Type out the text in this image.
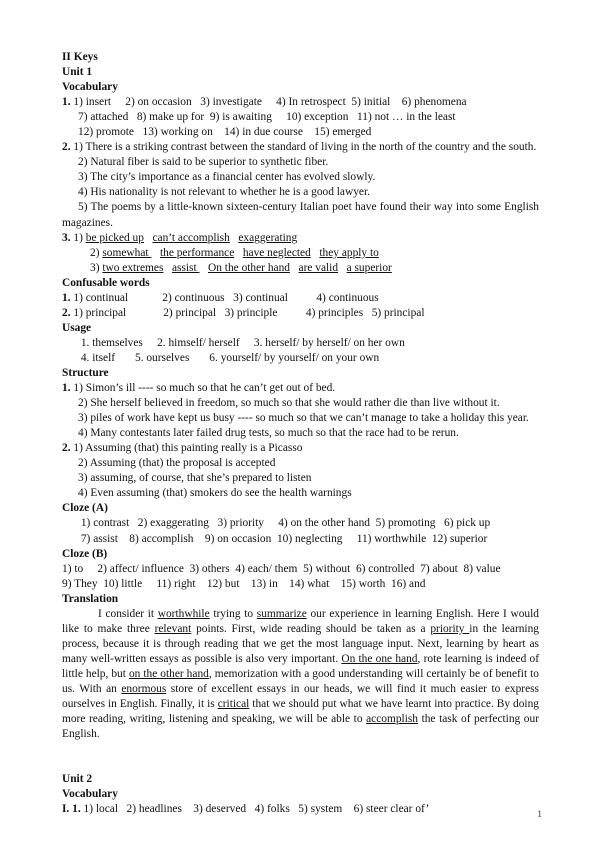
II Keys
Unit 1
Vocabulary
1. 1) insert     2) on occasion   3) investigate     4) In retrospect  5) initial    6) phenomena
7) attached   8) make up for  9) is awaiting     10) exception   11) not … in the least
12) promote   13) working on    14) in due course    15) emerged
2. 1) There is a striking contrast between the standard of living in the north of the country and the south.
2) Natural fiber is said to be superior to synthetic fiber.
3) The city’s importance as a financial center has evolved slowly.
4) His nationality is not relevant to whether he is a good lawyer.
5) The poems by a little-known sixteen-century Italian poet have found their way into some English magazines.
3. 1) be picked up can’t accomplish exaggerating
2) somewhat    the performance have neglected they apply to
3) two extremes assist    On the other hand are valid a superior
Confusable words
1. 1) continual            2) continuous   3) continual          4) continuous
2. 1) principal             2) principal   3) principle          4) principles   5) principal
Usage
1. themselves     2. himself/ herself     3. herself/ by herself/ on her own
4. itself       5. ourselves       6. yourself/ by yourself/ on your own
Structure
1. 1) Simon’s ill ---- so much so that he can’t get out of bed.
2) She herself believed in freedom, so much so that she would rather die than live without it.
3) piles of work have kept us busy ---- so much so that we can’t manage to take a holiday this year.
4) Many contestants later failed drug tests, so much so that the race had to be rerun.
2. 1) Assuming (that) this painting really is a Picasso
2) Assuming (that) the proposal is accepted
3) assuming, of course, that she’s prepared to listen
4) Even assuming (that) smokers do see the health warnings
Cloze (A)
1) contrast   2) exaggerating   3) priority     4) on the other hand  5) promoting   6) pick up
7) assist    8) accomplish    9) on occasion  10) neglecting     11) worthwhile  12) superior
Cloze (B)
1) to     2) affect/ influence  3) others  4) each/ them  5) without  6) controlled  7) about  8) value
9) They  10) little     11) right    12) but    13) in    14) what    15) worth  16) and
Translation
I consider it worthwhile trying to summarize our experience in learning English. Here I would like to make three relevant points. First, wide reading should be taken as a priority in the learning process, because it is through reading that we get the most language input. Next, learning by heart as many well-written essays as possible is also very important. On the one hand, rote learning is indeed of little help, but on the other hand, memorization with a good understanding will certainly be of benefit to us. With an enormous store of excellent essays in our heads, we will find it much easier to express ourselves in English. Finally, it is critical that we should put what we have learnt into practice. By doing more reading, writing, listening and speaking, we will be able to accomplish the task of perfecting our English.
Unit 2
Vocabulary
I. 1. 1) local   2) headlines    3) deserved   4) folks   5) system    6) steer clear of’	1
